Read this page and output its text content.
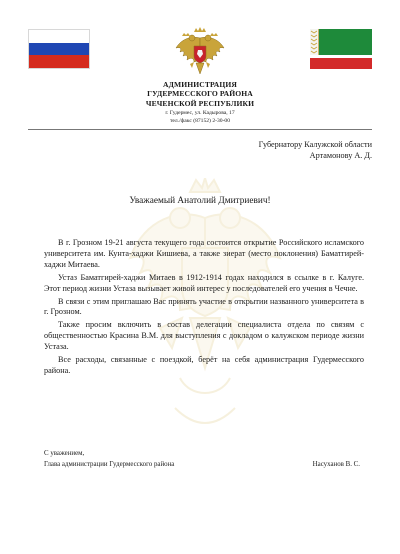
АДМИНИСТРАЦИЯ
ГУДЕРМЕССКОГО РАЙОНА
ЧЕЧЕНСКОЙ РЕСПУБЛИКИ
г. Гудермес, ул. Кадырова, 17
тел./факс (87152) 2-30-00
Губернатору Калужской области
Артамонову А. Д.
Уважаемый Анатолий Дмитриевич!

В г. Грозном 19-21 августа текущего года состоится открытие Российского исламского университета им. Кунта-хаджи Кишиева, а также зиерат (место поклонения) Баматгирей-хаджи Митаева.

Устаз Баматгирей-хаджи Митаев в 1912-1914 годах находился в ссылке в г. Калуге. Этот период жизни Устаза вызывает живой интерес у последователей его учения в Чечне.

В связи с этим приглашаю Вас принять участие в открытии названного университета в г. Грозном.

Также просим включить в состав делегации специалиста отдела по связям с общественностью Красина В.М. для выступления с докладом о калужском периоде жизни Устаза.

Все расходы, связанные с поездкой, берёт на себя администрация Гудермесского района.

С уважением,
Глава администрации Гудермесского района	Насуханов В. С.
